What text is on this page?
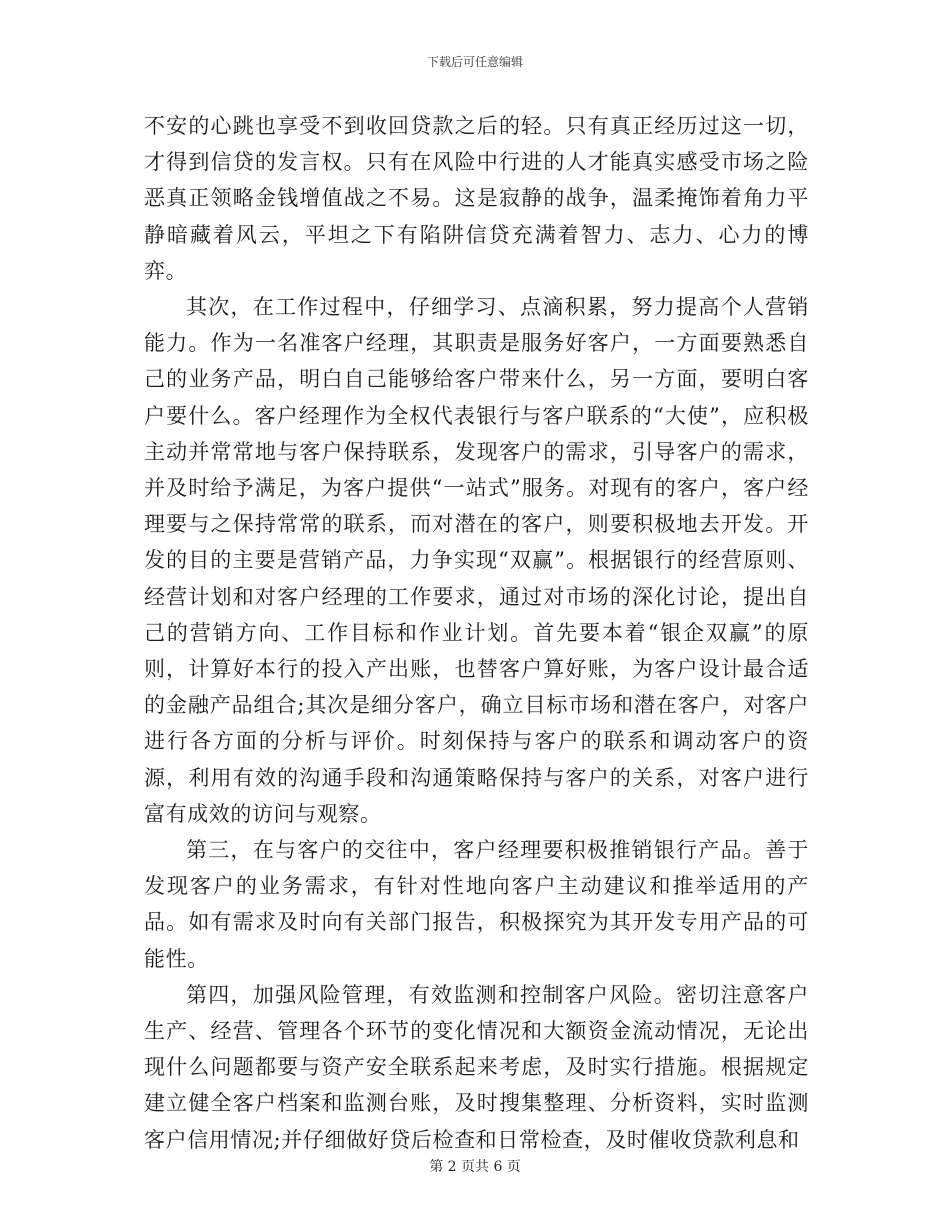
下载后可任意编辑

不安的心跳也享受不到收回贷款之后的轻。只有真正经历过这一切，才得到信贷的发言权。只有在风险中行进的人才能真实感受市场之险恶真正领略金钱增值战之不易。这是寂静的战争，温柔掩饰着角力平静暗藏着风云，平坦之下有陷阱信贷充满着智力、志力、心力的博弈。

其次，在工作过程中，仔细学习、点滴积累，努力提高个人营销能力。作为一名准客户经理，其职责是服务好客户，一方面要熟悉自己的业务产品，明白自己能够给客户带来什么，另一方面，要明白客户要什么。客户经理作为全权代表银行与客户联系的“大使”，应积极主动并常常地与客户保持联系，发现客户的需求，引导客户的需求，并及时给予满足，为客户提供“一站式”服务。对现有的客户，客户经理要与之保持常常的联系，而对潜在的客户，则要积极地去开发。开发的目的主要是营销产品，力争实现“双赢”。根据银行的经营原则、经营计划和对客户经理的工作要求，通过对市场的深化讨论，提出自己的营销方向、工作目标和作业计划。首先要本着“银企双赢”的原则，计算好本行的投入产出账，也替客户算好账，为客户设计最合适的金融产品组合;其次是细分客户，确立目标市场和潜在客户，对客户进行各方面的分析与评价。时刻保持与客户的联系和调动客户的资源，利用有效的沟通手段和沟通策略保持与客户的关系，对客户进行富有成效的访问与观察。

第三，在与客户的交往中，客户经理要积极推销银行产品。善于发现客户的业务需求，有针对性地向客户主动建议和推举适用的产品。如有需求及时向有关部门报告，积极探究为其开发专用产品的可能性。

第四，加强风险管理，有效监测和控制客户风险。密切注意客户生产、经营、管理各个环节的变化情况和大额资金流动情况，无论出现什么问题都要与资产安全联系起来考虑，及时实行措施。根据规定建立健全客户档案和监测台账，及时搜集整理、分析资料，实时监测客户信用情况;并仔细做好贷后检查和日常检查，及时催收贷款利息和

第 2 页共 6 页
